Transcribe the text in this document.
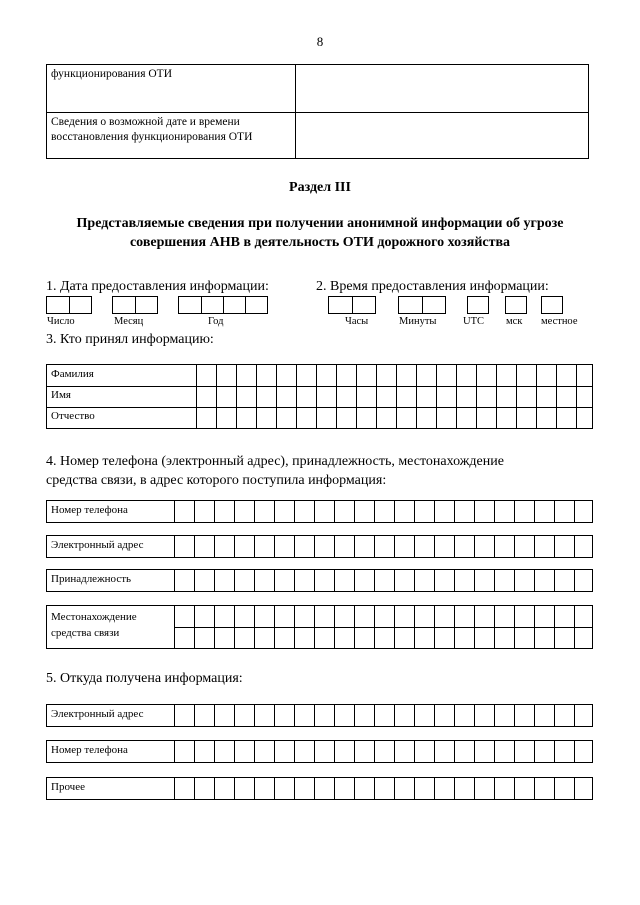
8
функционирования ОТИ	
Сведения о возможной дате и времени восстановления функционирования ОТИ	
Раздел III
Представляемые сведения при получении анонимной информации об угрозе совершения АНВ в деятельность ОТИ дорожного хозяйства
1. Дата предоставления информации:
Число	Месяц	Год
2. Время предоставления информации:
Часы	Минуты	UTC мск местное
3. Кто принял информацию:
Фамилия
Имя
Отчество
4. Номер телефона (электронный адрес), принадлежность, местонахождение
средства связи, в адрес которого поступила информация:
Номер телефона
Электронный адрес
Принадлежность
Местонахождение средства связи
5. Откуда получена информация:
Электронный адрес
Номер телефона
Прочее
